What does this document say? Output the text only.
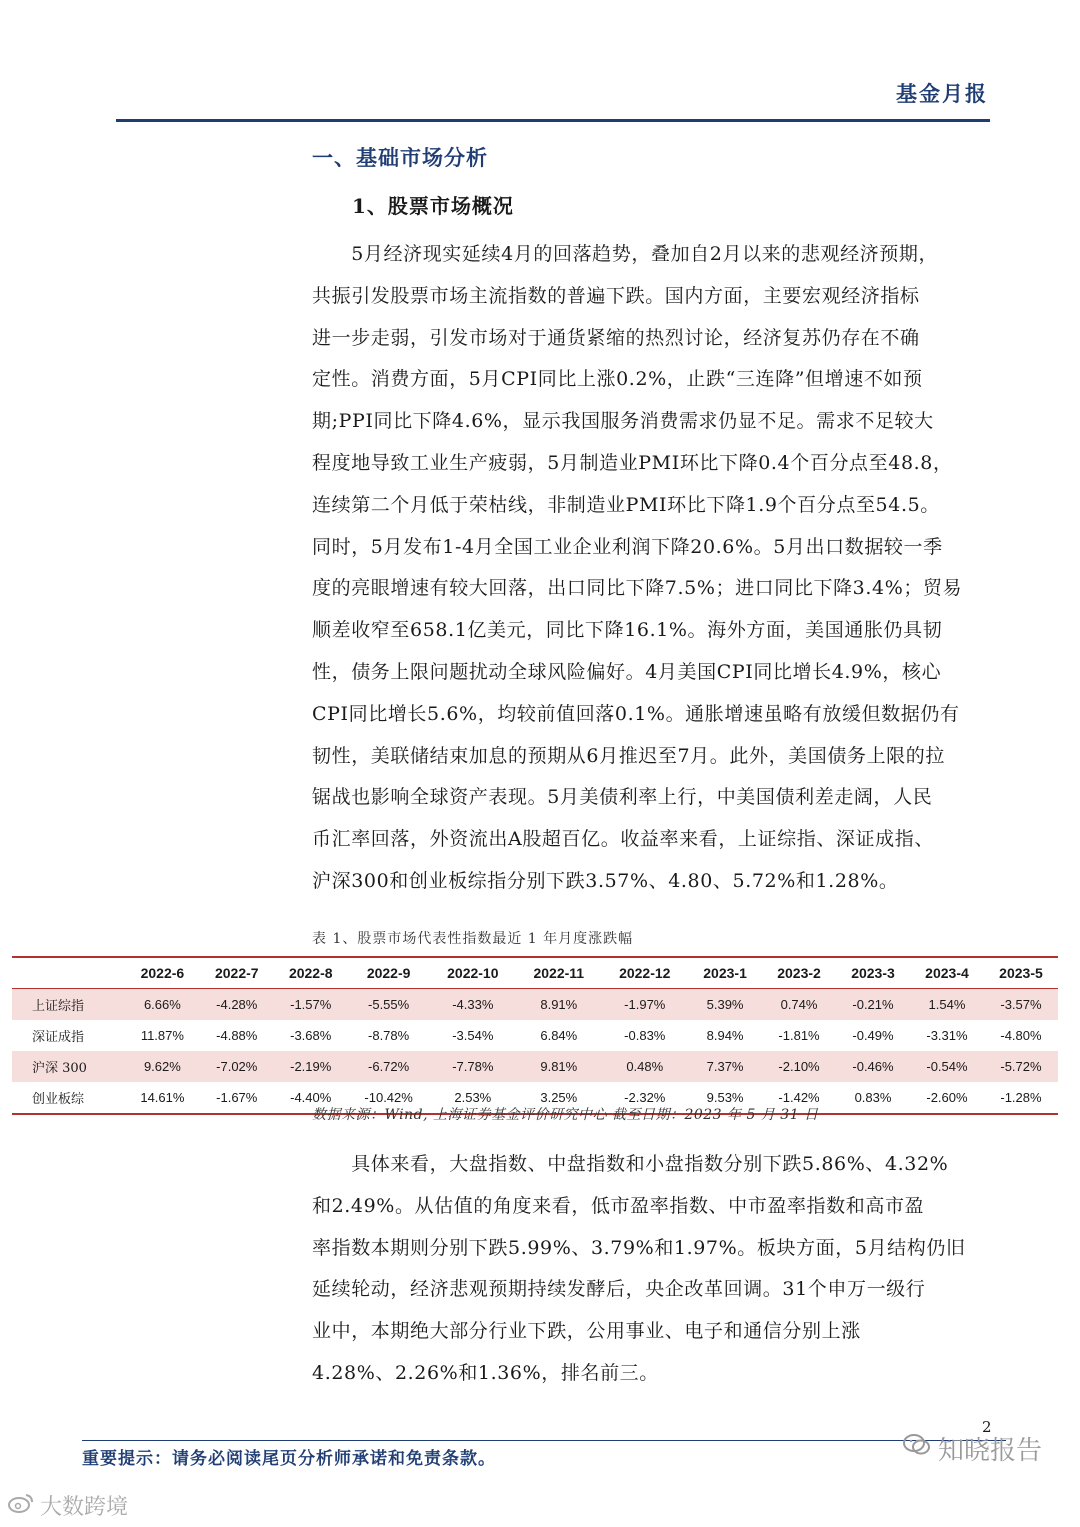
基金月报
一、基础市场分析
1、股票市场概况
　　5月经济现实延续4月的回落趋势，叠加自2月以来的悲观经济预期，
共振引发股票市场主流指数的普遍下跌。国内方面，主要宏观经济指标
进一步走弱，引发市场对于通货紧缩的热烈讨论，经济复苏仍存在不确
定性。消费方面，5月CPI同比上涨0.2%，止跌“三连降”但增速不如预
期;PPI同比下降4.6%，显示我国服务消费需求仍显不足。需求不足较大
程度地导致工业生产疲弱，5月制造业PMI环比下降0.4个百分点至48.8，
连续第二个月低于荣枯线，非制造业PMI环比下降1.9个百分点至54.5。
同时，5月发布1-4月全国工业企业利润下降20.6%。5月出口数据较一季
度的亮眼增速有较大回落，出口同比下降7.5%；进口同比下降3.4%；贸易
顺差收窄至658.1亿美元，同比下降16.1%。海外方面，美国通胀仍具韧
性，债务上限问题扰动全球风险偏好。4月美国CPI同比增长4.9%，核心
CPI同比增长5.6%，均较前值回落0.1%。通胀增速虽略有放缓但数据仍有
韧性，美联储结束加息的预期从6月推迟至7月。此外，美国债务上限的拉
锯战也影响全球资产表现。5月美债利率上行，中美国债利差走阔，人民
币汇率回落，外资流出A股超百亿。收益率来看，上证综指、深证成指、
沪深300和创业板综指分别下跌3.57%、4.80、5.72%和1.28%。
表 1、股票市场代表性指数最近 1 年月度涨跌幅
	2022-6	2022-7	2022-8	2022-9	2022-10	2022-11	2022-12	2023-1	2023-2	2023-3	2023-4	2023-5
上证综指	6.66%	-4.28%	-1.57%	-5.55%	-4.33%	8.91%	-1.97%	5.39%	0.74%	-0.21%	1.54%	-3.57%
深证成指	11.87%	-4.88%	-3.68%	-8.78%	-3.54%	6.84%	-0.83%	8.94%	-1.81%	-0.49%	-3.31%	-4.80%
沪深 300	9.62%	-7.02%	-2.19%	-6.72%	-7.78%	9.81%	0.48%	7.37%	-2.10%	-0.46%	-0.54%	-5.72%
创业板综	14.61%	-1.67%	-4.40%	-10.42%	2.53%	3.25%	-2.32%	9.53%	-1.42%	0.83%	-2.60%	-1.28%
数据来源：Wind, 上海证券基金评价研究中心 截至日期：2023 年 5 月 31 日
　　具体来看，大盘指数、中盘指数和小盘指数分别下跌5.86%、4.32%
和2.49%。从估值的角度来看，低市盈率指数、中市盈率指数和高市盈
率指数本期则分别下跌5.99%、3.79%和1.97%。板块方面，5月结构仍旧
延续轮动，经济悲观预期持续发酵后，央企改革回调。31个申万一级行
业中，本期绝大部分行业下跌，公用事业、电子和通信分别上涨
4.28%、2.26%和1.36%，排名前三。
2
重要提示：请务必阅读尾页分析师承诺和免责条款。	知晓报告
大数跨境
